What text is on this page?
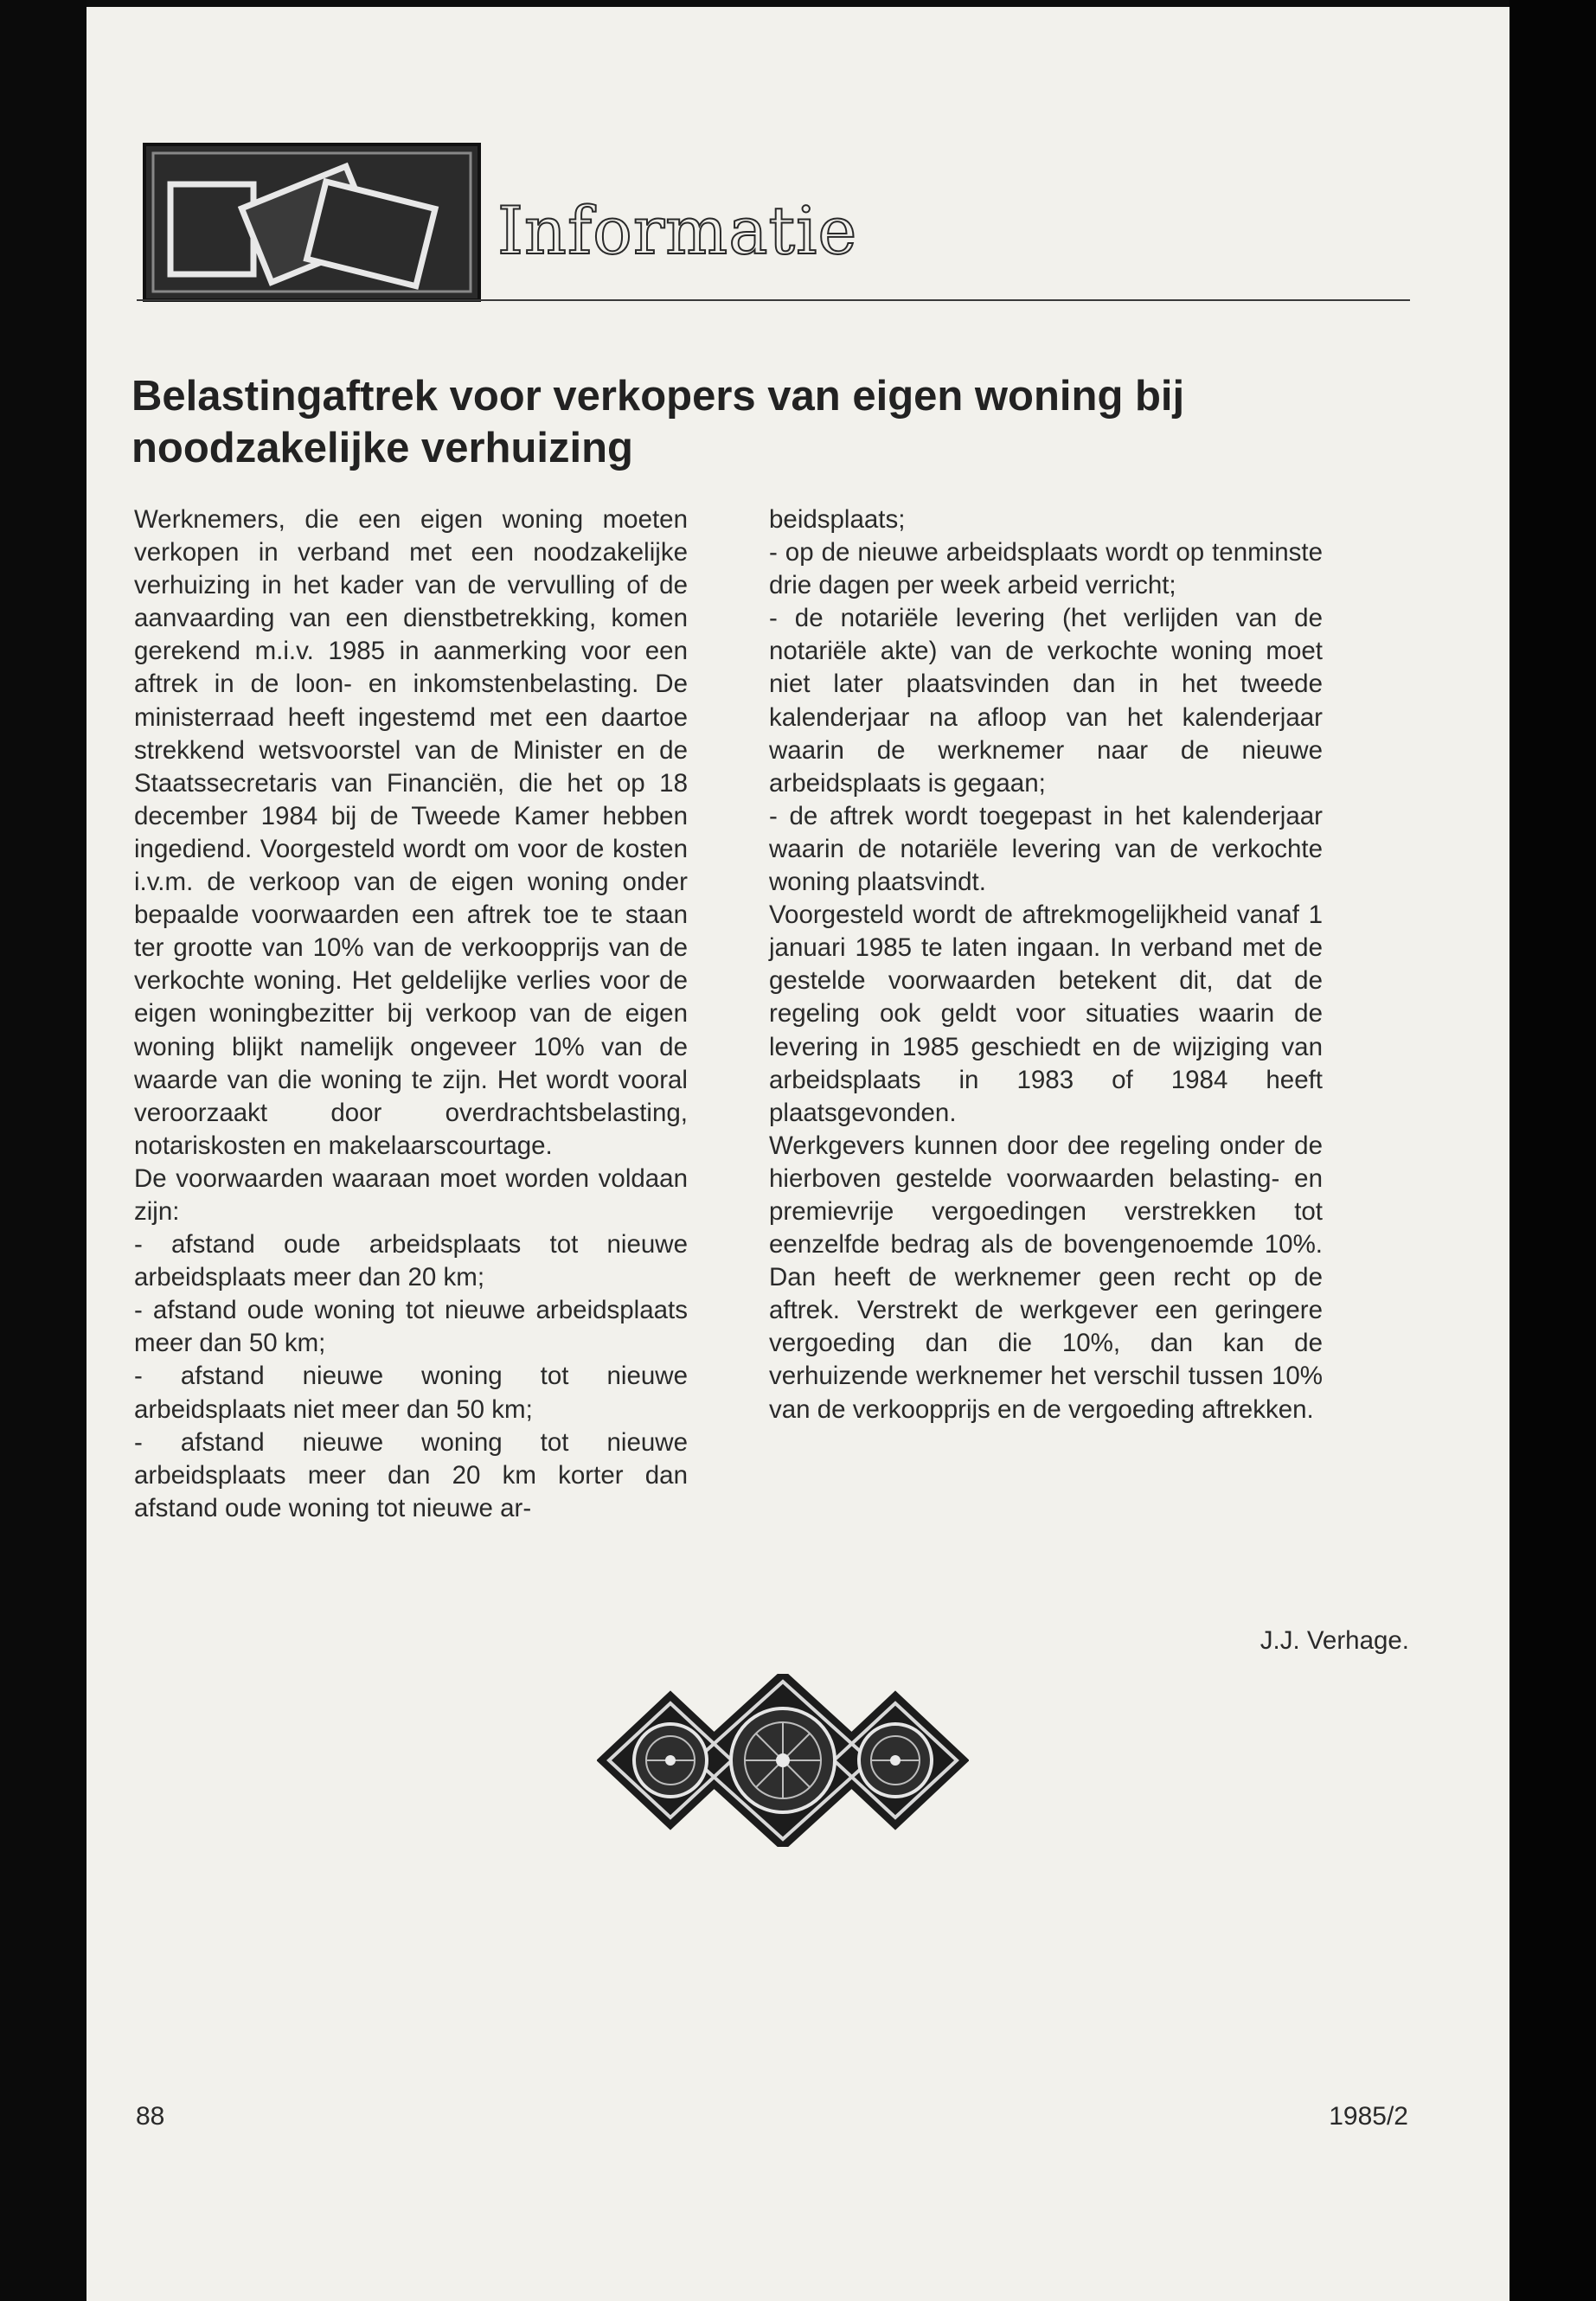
Informatie
Belastingaftrek voor verkopers van eigen woning bij noodzakelijke verhuizing

Werknemers, die een eigen woning moeten verkopen in verband met een noodzakelijke verhuizing in het kader van de vervulling of de aanvaarding van een dienstbetrekking, komen gerekend m.i.v. 1985 in aanmerking voor een aftrek in de loon- en inkomstenbelasting. De ministerraad heeft ingestemd met een daartoe strekkend wetsvoorstel van de Minister en de Staatssecretaris van Financiën, die het op 18 december 1984 bij de Tweede Kamer hebben ingediend. Voorgesteld wordt om voor de kosten i.v.m. de verkoop van de eigen woning onder bepaalde voorwaarden een aftrek toe te staan ter grootte van 10% van de verkoopprijs van de verkochte woning. Het geldelijke verlies voor de eigen woningbezitter bij verkoop van de eigen woning blijkt namelijk ongeveer 10% van de waarde van die woning te zijn. Het wordt vooral veroorzaakt door overdrachtsbelasting, notariskosten en makelaarscourtage.

De voorwaarden waaraan moet worden voldaan zijn:

- afstand oude arbeidsplaats tot nieuwe arbeidsplaats meer dan 20 km;

- afstand oude woning tot nieuwe arbeidsplaats meer dan 50 km;

- afstand nieuwe woning tot nieuwe arbeidsplaats niet meer dan 50 km;

- afstand nieuwe woning tot nieuwe arbeidsplaats meer dan 20 km korter dan afstand oude woning tot nieuwe ar-

beidsplaats;

- op de nieuwe arbeidsplaats wordt op tenminste drie dagen per week arbeid verricht;

- de notariële levering (het verlijden van de notariële akte) van de verkochte woning moet niet later plaatsvinden dan in het tweede kalenderjaar na afloop van het kalenderjaar waarin de werknemer naar de nieuwe arbeidsplaats is gegaan;

- de aftrek wordt toegepast in het kalenderjaar waarin de notariële levering van de verkochte woning plaatsvindt.

Voorgesteld wordt de aftrekmogelijkheid vanaf 1 januari 1985 te laten ingaan. In verband met de gestelde voorwaarden betekent dit, dat de regeling ook geldt voor situaties waarin de levering in 1985 geschiedt en de wijziging van arbeidsplaats in 1983 of 1984 heeft plaatsgevonden.

Werkgevers kunnen door dee regeling onder de hierboven gestelde voorwaarden belasting- en premievrije vergoedingen verstrekken tot eenzelfde bedrag als de bovengenoemde 10%. Dan heeft de werknemer geen recht op de aftrek. Verstrekt de werkgever een geringere vergoeding dan die 10%, dan kan de verhuizende werknemer het verschil tussen 10% van de verkoopprijs en de vergoeding aftrekken.

J.J. Verhage.
88	1985/2
